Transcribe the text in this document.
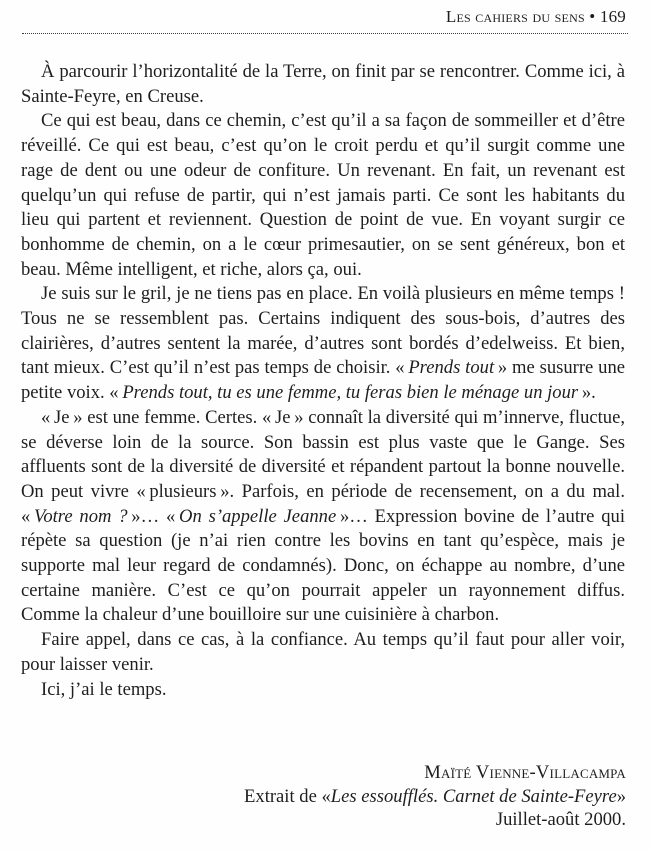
Les cahiers du sens • 169

À parcourir l’horizontalité de la Terre, on finit par se rencontrer. Comme ici, à Sainte-Feyre, en Creuse.

Ce qui est beau, dans ce chemin, c’est qu’il a sa façon de sommeiller et d’être réveillé. Ce qui est beau, c’est qu’on le croit perdu et qu’il surgit comme une rage de dent ou une odeur de confiture. Un revenant. En fait, un revenant est quelqu’un qui refuse de partir, qui n’est jamais parti. Ce sont les habitants du lieu qui partent et reviennent. Question de point de vue. En voyant surgir ce bonhomme de chemin, on a le cœur primesautier, on se sent généreux, bon et beau. Même intelligent, et riche, alors ça, oui.

Je suis sur le gril, je ne tiens pas en place. En voilà plusieurs en même temps ! Tous ne se ressemblent pas. Certains indiquent des sous-bois, d’autres des clairières, d’autres sentent la marée, d’autres sont bordés d’edelweiss. Et bien, tant mieux. C’est qu’il n’est pas temps de choisir. « Prends tout » me susurre une petite voix. « Prends tout, tu es une femme, tu feras bien le ménage un jour ».

« Je » est une femme. Certes. « Je » connaît la diversité qui m’innerve, fluctue, se déverse loin de la source. Son bassin est plus vaste que le Gange. Ses affluents sont de la diversité de diversité et répandent partout la bonne nouvelle. On peut vivre « plusieurs ». Parfois, en période de recensement, on a du mal. « Votre nom ? »… « On s’appelle Jeanne »… Expression bovine de l’autre qui répète sa question (je n’ai rien contre les bovins en tant qu’espèce, mais je supporte mal leur regard de condamnés). Donc, on échappe au nombre, d’une certaine manière. C’est ce qu’on pourrait appeler un rayonnement diffus. Comme la chaleur d’une bouilloire sur une cuisinière à charbon.

Faire appel, dans ce cas, à la confiance. Au temps qu’il faut pour aller voir, pour laisser venir.

Ici, j’ai le temps.

Maïté Vienne-Villacampa
Extrait de «Les essoufflés. Carnet de Sainte-Feyre»
Juillet-août 2000.
